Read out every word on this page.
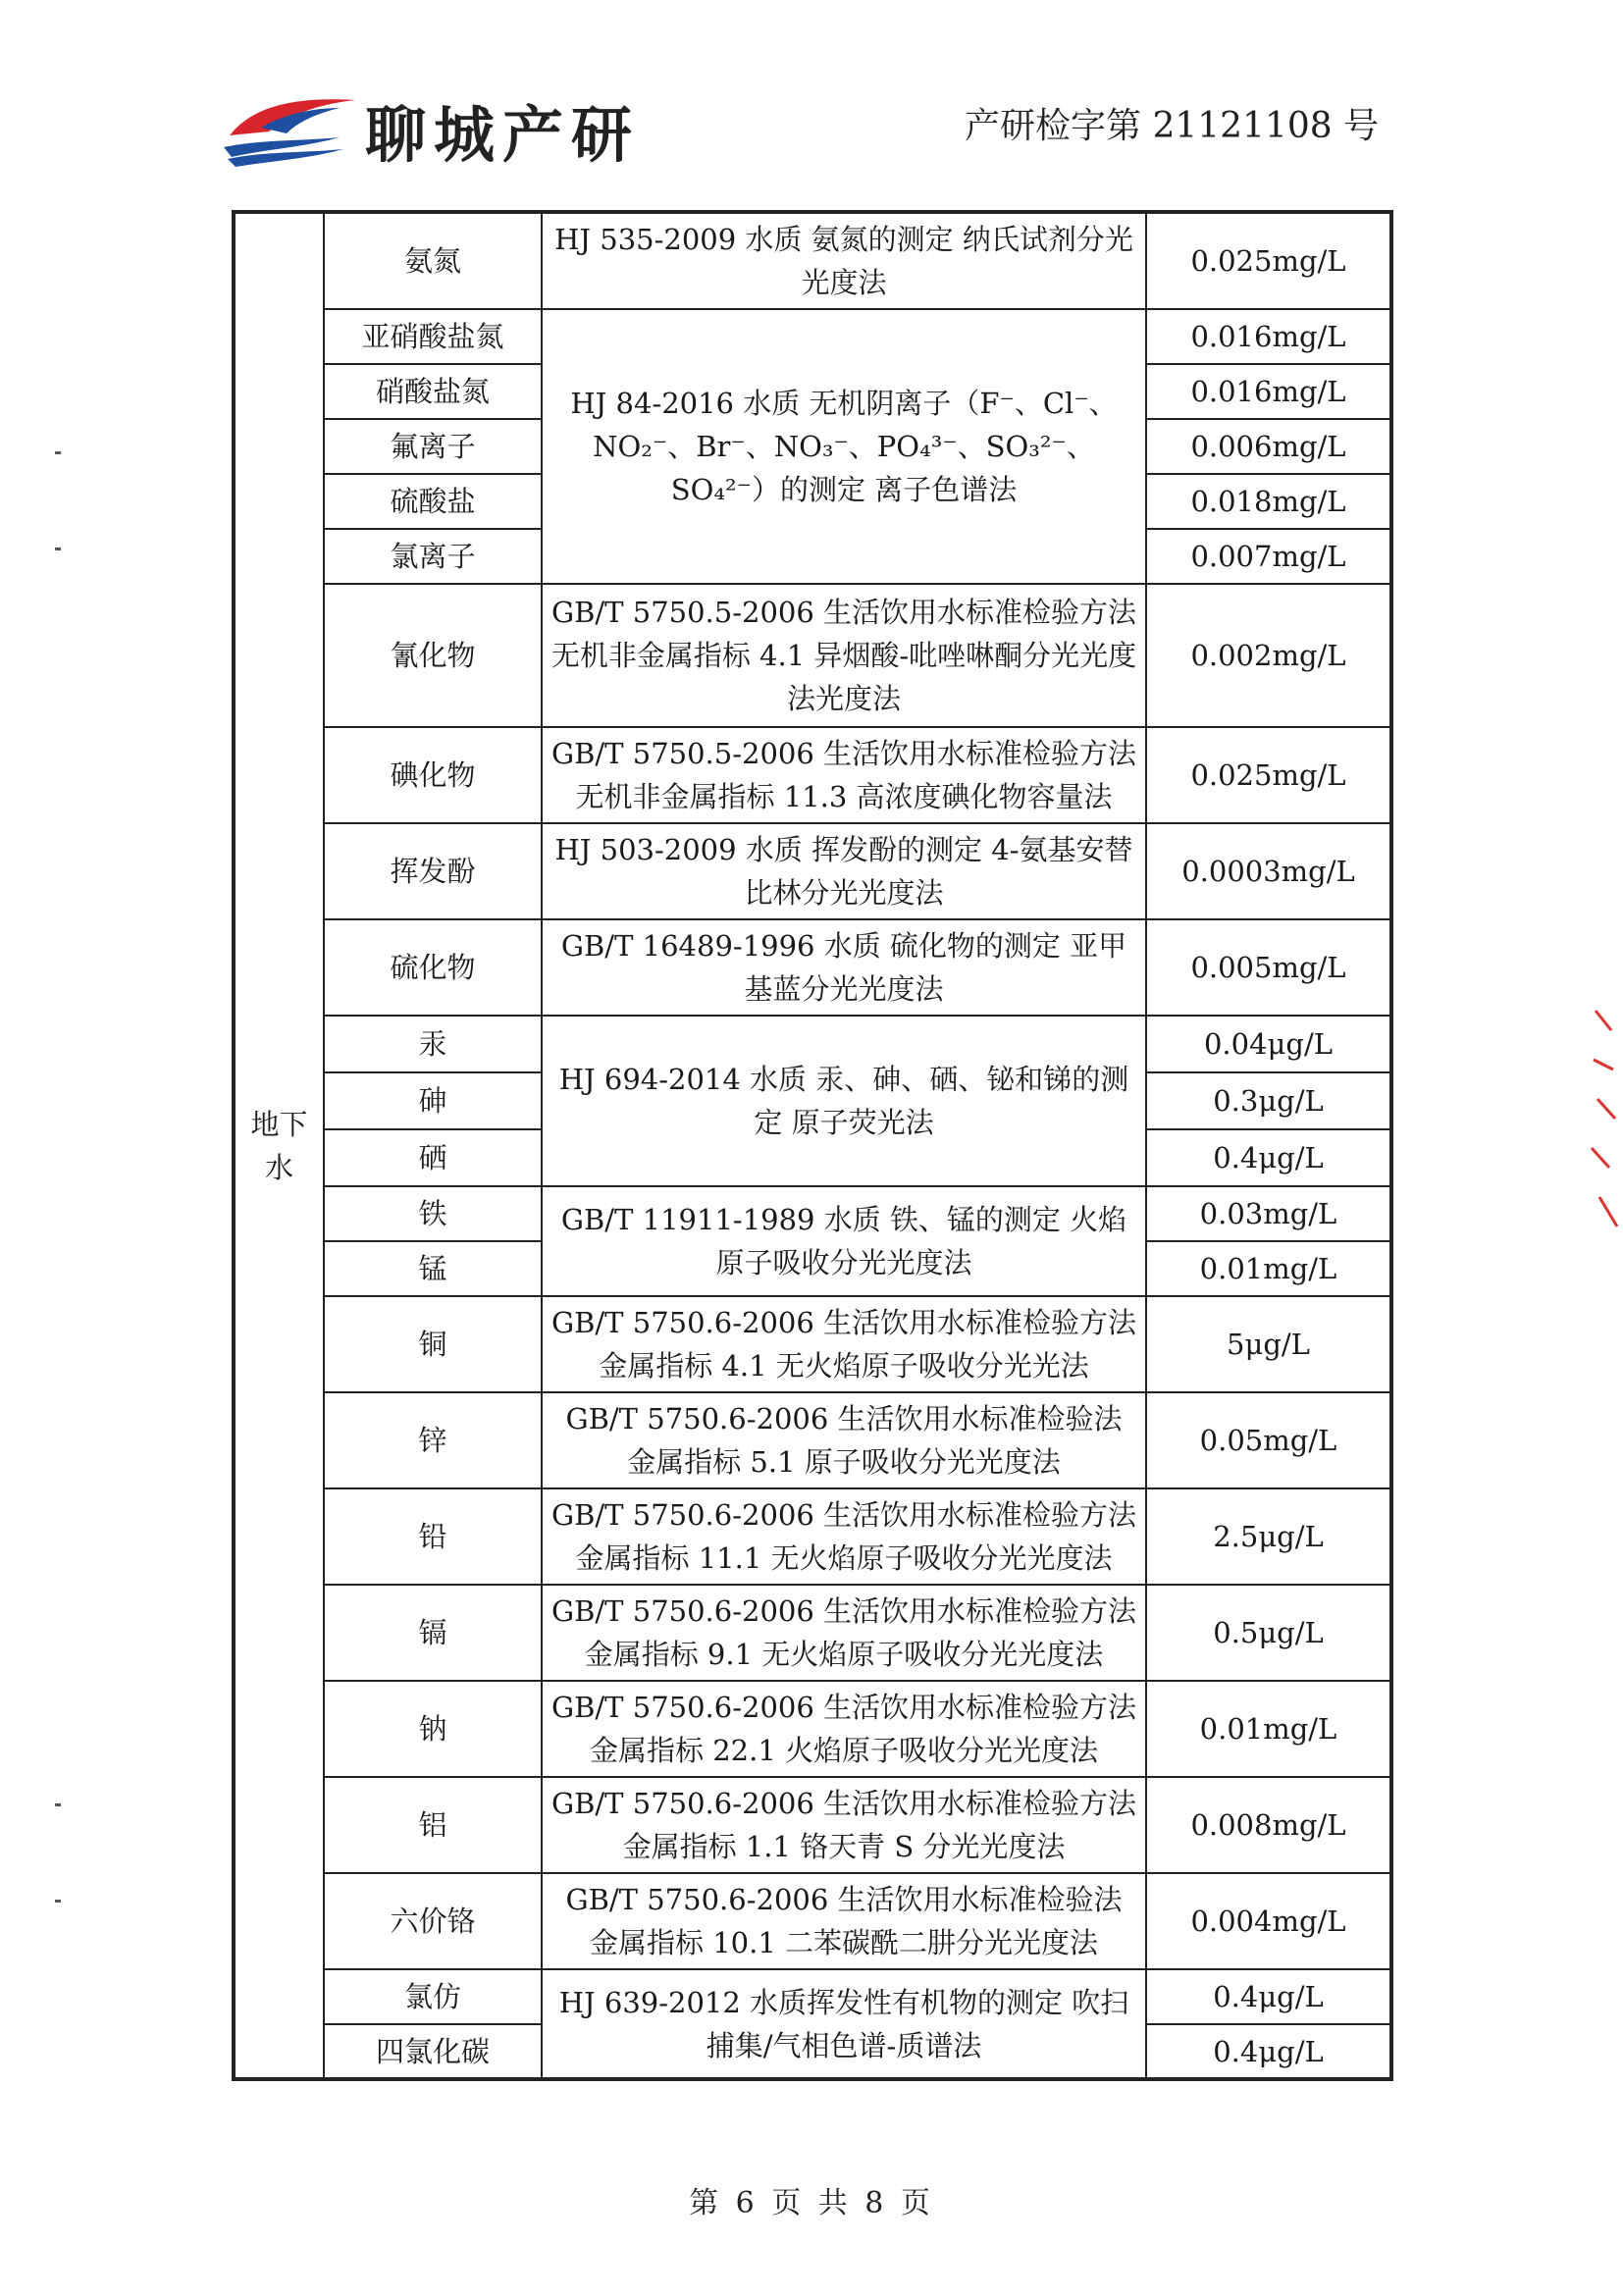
聊城产研	产研检字第 21121108 号
地下水	氨氮	HJ 535-2009 水质 氨氮的测定 纳氏试剂分光光度法	0.025mg/L
	亚硝酸盐氮	HJ 84-2016 水质 无机阴离子（F⁻、Cl⁻、NO₂⁻、Br⁻、NO₃⁻、PO₄³⁻、SO₃²⁻、SO₄²⁻）的测定 离子色谱法	0.016mg/L
	硝酸盐氮		0.016mg/L
	氟离子		0.006mg/L
	硫酸盐		0.018mg/L
	氯离子		0.007mg/L
	氰化物	GB/T 5750.5-2006 生活饮用水标准检验方法 无机非金属指标 4.1 异烟酸-吡唑啉酮分光光度法光度法	0.002mg/L
	碘化物	GB/T 5750.5-2006 生活饮用水标准检验方法 无机非金属指标 11.3 高浓度碘化物容量法	0.025mg/L
	挥发酚	HJ 503-2009 水质 挥发酚的测定 4-氨基安替比林分光光度法	0.0003mg/L
	硫化物	GB/T 16489-1996 水质 硫化物的测定 亚甲基蓝分光光度法	0.005mg/L
	汞	HJ 694-2014 水质 汞、砷、硒、铋和锑的测定 原子荧光法	0.04μg/L
	砷		0.3μg/L
	硒		0.4μg/L
	铁	GB/T 11911-1989 水质 铁、锰的测定 火焰原子吸收分光光度法	0.03mg/L
	锰		0.01mg/L
	铜	GB/T 5750.6-2006 生活饮用水标准检验方法 金属指标 4.1 无火焰原子吸收分光光法	5μg/L
	锌	GB/T 5750.6-2006 生活饮用水标准检验法 金属指标 5.1 原子吸收分光光度法	0.05mg/L
	铅	GB/T 5750.6-2006 生活饮用水标准检验方法 金属指标 11.1 无火焰原子吸收分光光度法	2.5μg/L
	镉	GB/T 5750.6-2006 生活饮用水标准检验方法 金属指标 9.1 无火焰原子吸收分光光度法	0.5μg/L
	钠	GB/T 5750.6-2006 生活饮用水标准检验方法 金属指标 22.1 火焰原子吸收分光光度法	0.01mg/L
	铝	GB/T 5750.6-2006 生活饮用水标准检验方法 金属指标 1.1 铬天青 S 分光光度法	0.008mg/L
	六价铬	GB/T 5750.6-2006 生活饮用水标准检验法 金属指标 10.1 二苯碳酰二肼分光光度法	0.004mg/L
	氯仿	HJ 639-2012 水质挥发性有机物的测定 吹扫捕集/气相色谱-质谱法	0.4μg/L
	四氯化碳		0.4μg/L
第 6 页 共 8 页
